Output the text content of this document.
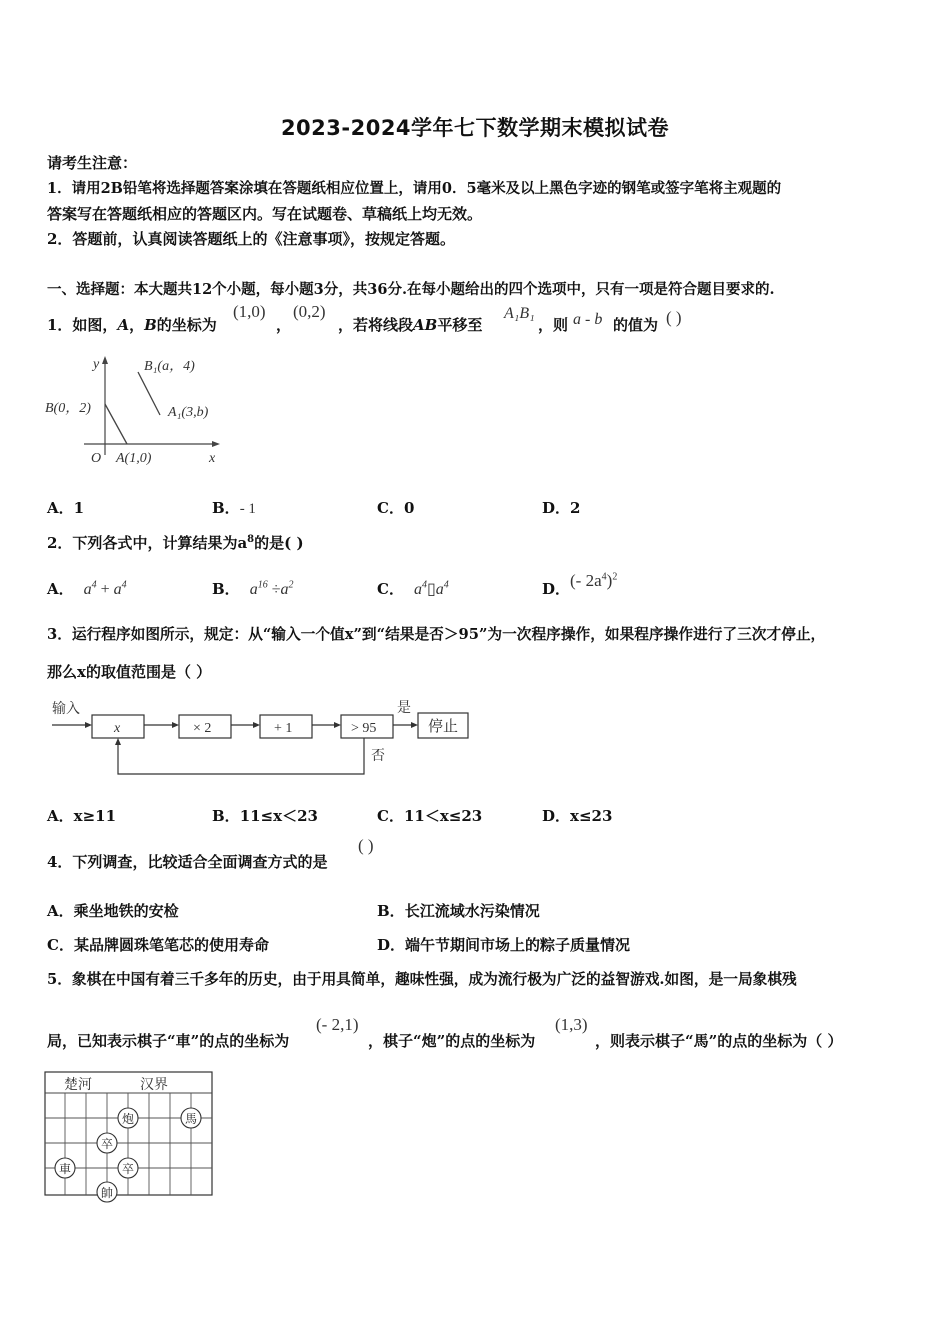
2023-2024学年七下数学期末模拟试卷
请考生注意：
1．请用2B铅笔将选择题答案涂填在答题纸相应位置上，请用0．5毫米及以上黑色字迹的钢笔或签字笔将主观题的
答案写在答题纸相应的答题区内。写在试题卷、草稿纸上均无效。
2．答题前，认真阅读答题纸上的《注意事项》，按规定答题。
一、选择题：本大题共12个小题，每小题3分，共36分.在每小题给出的四个选项中，只有一项是符合题目要求的.
1．如图，A，B的坐标为
(1,0)
，
(0,2)
，若将线段AB平移至
A₁B₁
，则 a - b 的值为 ( )
y
x
O
B(0，2)
A(1,0)
B₁(a，4)
A₁(3,b)
A．1	B．- 1	C．0	D．2
2．下列各式中，计算结果为$a^8$的是( )
A． $a^4 + a^4$	B． $a^{16} \div a^2$	C． $a^4▯a^4$	D．(- $2a^4)^2$
3．运行程序如图所示，规定：从“输入一个值x”到“结果是否＞95”为一次程序操作，如果程序操作进行了三次才停止，
那么x的取值范围是（ ）
输入
x	× 2	+ 1	> 95
是
停止
否
A．x≥11	B．11≤x＜23	C．11＜x≤23	D．x≤23
4．下列调查，比较适合全面调查方式的是
( )
A．乘坐地铁的安检	B．长江流域水污染情况
C．某品牌圆珠笔笔芯的使用寿命	D．端午节期间市场上的粽子质量情况
5．象棋在中国有着三千多年的历史，由于用具简单，趣味性强，成为流行极为广泛的益智游戏.如图，是一局象棋残
局，已知表示棋子“車”的点的坐标为
(- 2,1)
，棋子“炮”的点的坐标为
(1,3)
，则表示棋子“馬”的点的坐标为（ ）
楚河	汉界
炮	馬
卒
車	卒
帥
